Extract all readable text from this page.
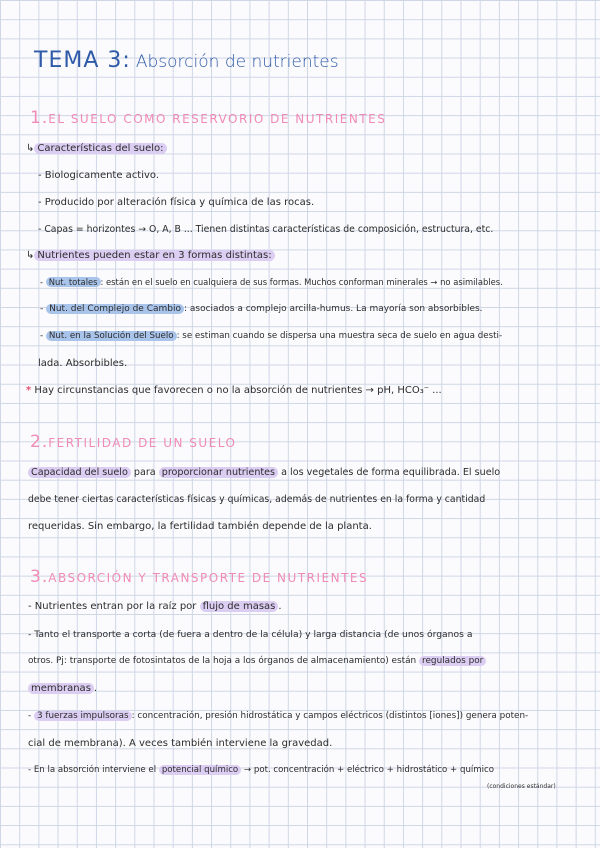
TEMA 3: Absorción de nutrientes
1.EL SUELO COMO RESERVORIO DE NUTRIENTES
↳ Características del suelo:
- Biologicamente activo.
- Producido por alteración física y química de las rocas.
- Capas = horizontes → O, A, B ... Tienen distintas características de composición, estructura, etc.
↳ Nutrientes pueden estar en 3 formas distintas:
- Nut. totales : están en el suelo en cualquiera de sus formas. Muchos conforman minerales → no asimilables.
- Nut. del Complejo de Cambio : asociados a complejo arcilla-humus. La mayoría son absorbibles.
- Nut. en la Solución del Suelo : se estiman cuando se dispersa una muestra seca de suelo en agua desti-
lada. Absorbibles.
* Hay circunstancias que favorecen o no la absorción de nutrientes → pH, HCO₃⁻ ...
2.FERTILIDAD DE UN SUELO
Capacidad del suelo para proporcionar nutrientes a los vegetales de forma equilibrada. El suelo
debe tener ciertas características físicas y químicas, además de nutrientes en la forma y cantidad
requeridas. Sin embargo, la fertilidad también depende de la planta.
3.ABSORCIÓN Y TRANSPORTE DE NUTRIENTES
- Nutrientes entran por la raíz por flujo de masas .
- Tanto el transporte a corta (de fuera a dentro de la célula) y larga distancia (de unos órganos a
otros. Pj: transporte de fotosintatos de la hoja a los órganos de almacenamiento) están regulados por
membranas .
- 3 fuerzas impulsoras : concentración, presión hidrostática y campos eléctricos (distintos [iones]) genera poten-
cial de membrana). A veces también interviene la gravedad.
- En la absorción interviene el potencial químico → pot. concentración + eléctrico + hidrostático + químico
(condiciones estándar)
